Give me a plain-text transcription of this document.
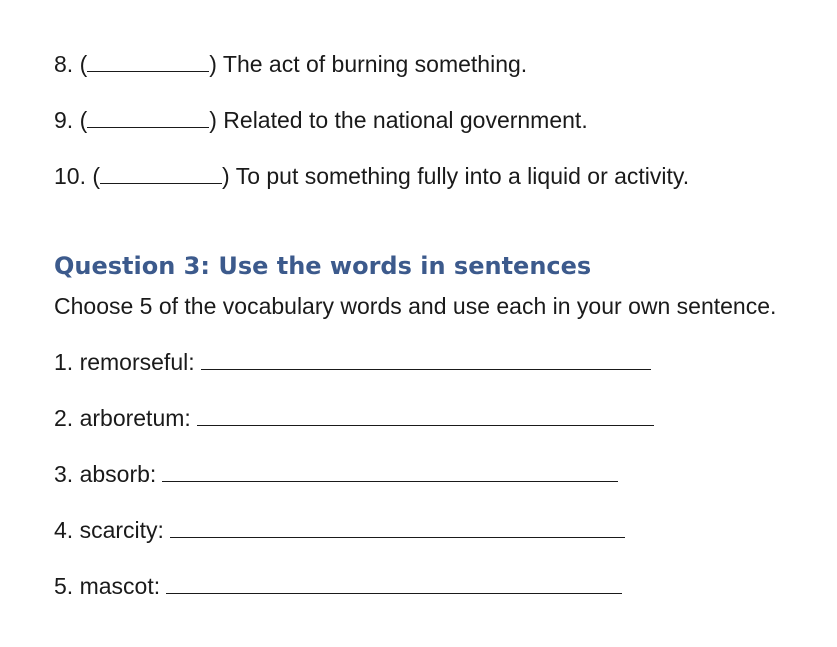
8. (	) The act of burning something.
9. (	) Related to the national government.
10. (	) To put something fully into a liquid or activity.
Question 3: Use the words in sentences
Choose 5 of the vocabulary words and use each in your own sentence.
1. remorseful:
2. arboretum:
3. absorb:
4. scarcity:
5. mascot:
